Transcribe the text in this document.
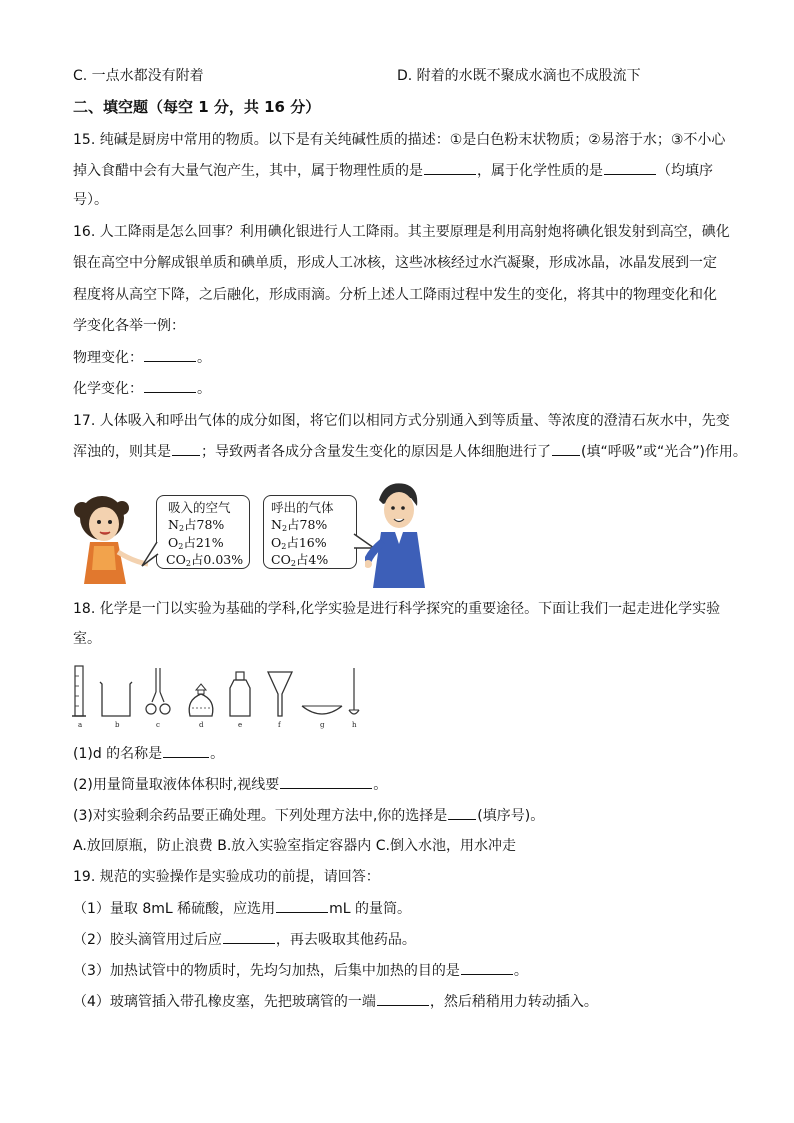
C. 一点水都没有附着	D. 附着的水既不聚成水滴也不成股流下
二、填空题（每空 1 分，共 16 分）
15. 纯碱是厨房中常用的物质。以下是有关纯碱性质的描述：①是白色粉末状物质；②易溶于水；③不小心
掉入食醋中会有大量气泡产生，其中，属于物理性质的是	，属于化学性质的是	（均填序
号）。
16. 人工降雨是怎么回事？利用碘化银进行人工降雨。其主要原理是利用高射炮将碘化银发射到高空，碘化
银在高空中分解成银单质和碘单质，形成人工冰核，这些冰核经过水汽凝聚，形成冰晶，冰晶发展到一定
程度将从高空下降，之后融化，形成雨滴。分析上述人工降雨过程中发生的变化，将其中的物理变化和化
学变化各举一例：
物理变化：	。
化学变化：	。
17. 人体吸入和呼出气体的成分如图，将它们以相同方式分别通入到等质量、等浓度的澄清石灰水中，先变
浑浊的，则其是 ；导致两者各成分含量发生变化的原因是人体细胞进行了 (填“呼吸”或“光合”)作用。
吸入的空气
$N_2$占78%
$O_2$占21%
$CO_2$占0.03%
呼出的气体
$N_2$占78%
$O_2$占16%
$CO_2$占4%
18. 化学是一门以实验为基础的学科,化学实验是进行科学探究的重要途径。下面让我们一起走进化学实验
室。
a	b	c	d	e	f	g	h
(1)d 的名称是	。
(2)用量筒量取液体体积时,视线要	。
(3)对实验剩余药品要正确处理。下列处理方法中,你的选择是 (填序号)。
A.放回原瓶，防止浪费 B.放入实验室指定容器内 C.倒入水池，用水冲走
19. 规范的实验操作是实验成功的前提，请回答：
（1）量取 8mL 稀硫酸，应选用	mL 的量筒。
（2）胶头滴管用过后应	，再去吸取其他药品。
（3）加热试管中的物质时，先均匀加热，后集中加热的目的是	。
（4）玻璃管插入带孔橡皮塞，先把玻璃管的一端	，然后稍稍用力转动插入。
